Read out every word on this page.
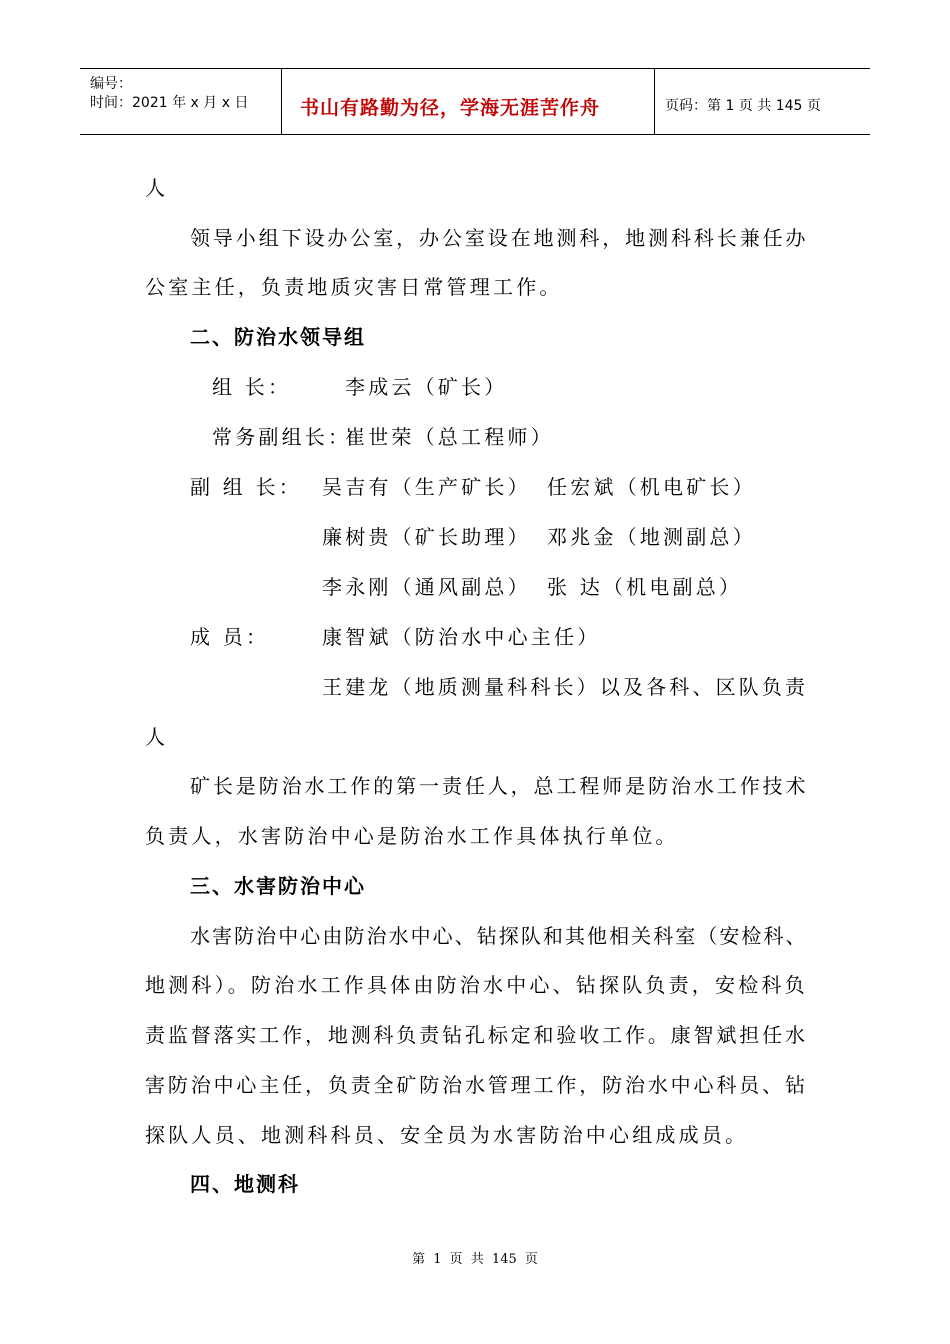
编号：
时间：2021 年 x 月 x 日	书山有路勤为径，学海无涯苦作舟	页码：第 1 页 共 145 页
人
领导小组下设办公室，办公室设在地测科，地测科科长兼任办
公室主任，负责地质灾害日常管理工作。
二、防治水领导组
组 长：	李成云（矿长）
常务副组长：
崔世荣（总工程师）
副 组 长： 吴吉有（生产矿长） 任宏斌（机电矿长）
廉树贵（矿长助理） 邓兆金（地测副总）
李永刚（通风副总） 张 达（机电副总）
成 员：	康智斌（防治水中心主任）
王建龙（地质测量科科长）以及各科、区队负责
人
矿长是防治水工作的第一责任人，总工程师是防治水工作技术
负责人，水害防治中心是防治水工作具体执行单位。
三、水害防治中心
水害防治中心由防治水中心、钻探队和其他相关科室（安检科、
地测科）。防治水工作具体由防治水中心、钻探队负责，安检科负
责监督落实工作，地测科负责钻孔标定和验收工作。康智斌担任水
害防治中心主任，负责全矿防治水管理工作，防治水中心科员、钻
探队人员、地测科科员、安全员为水害防治中心组成成员。
四、地测科
第 1 页 共 145 页
